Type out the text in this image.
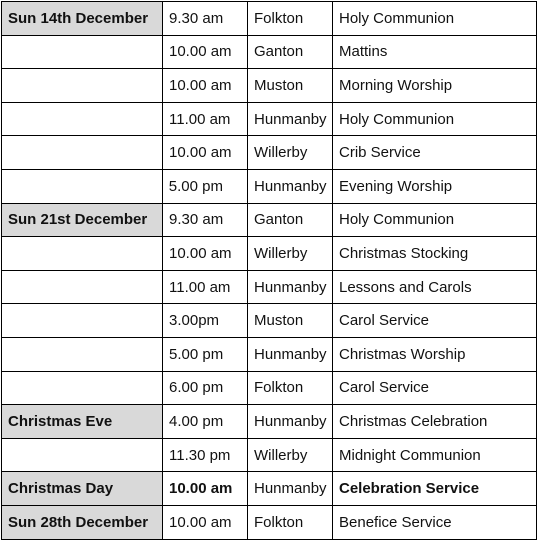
Sun 14th December	9.30 am	Folkton	Holy Communion
	10.00 am	Ganton	Mattins
	10.00 am	Muston	Morning Worship
	11.00 am	Hunmanby	Holy Communion
	10.00 am	Willerby	Crib Service
	5.00 pm	Hunmanby	Evening Worship
Sun 21st December	9.30 am	Ganton	Holy Communion
	10.00 am	Willerby	Christmas Stocking
	11.00 am	Hunmanby	Lessons and Carols
	3.00pm	Muston	Carol Service
	5.00 pm	Hunmanby	Christmas Worship
	6.00 pm	Folkton	Carol Service
Christmas Eve	4.00 pm	Hunmanby	Christmas Celebration
	11.30 pm	Willerby	Midnight Communion
Christmas Day	10.00 am	Hunmanby	Celebration Service
Sun 28th December	10.00 am	Folkton	Benefice Service
